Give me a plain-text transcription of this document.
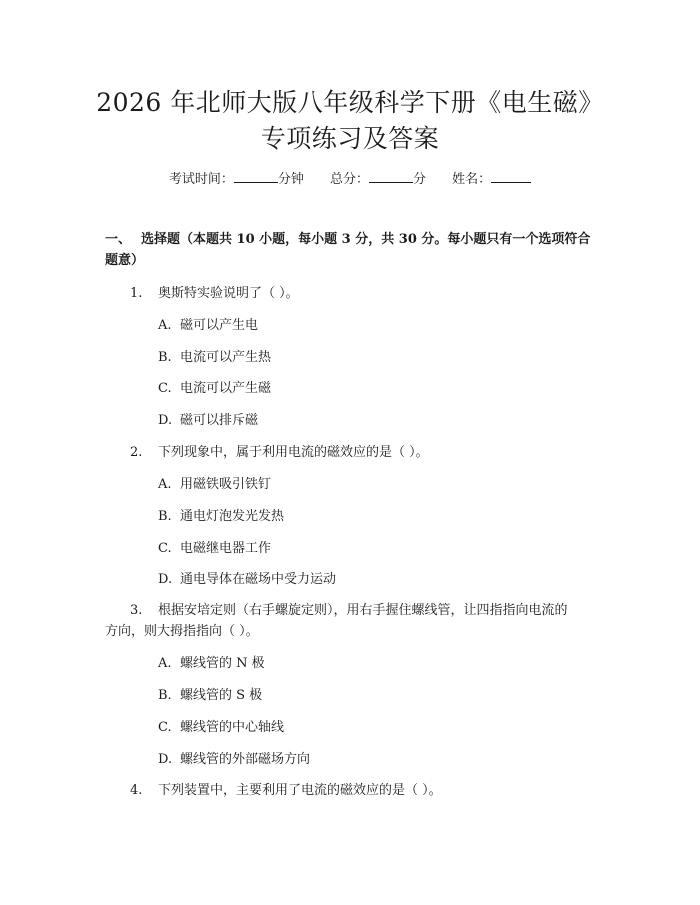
2026 年北师大版八年级科学下册《电生磁》
专项练习及答案
考试时间：	分钟 总分：	分 姓名：
一、 选择题（本题共 10 小题，每小题 3 分，共 30 分。每小题只有一个选项符合
题意）
1. 奥斯特实验说明了（ ）。
A. 磁可以产生电
B. 电流可以产生热
C. 电流可以产生磁
D. 磁可以排斥磁
2. 下列现象中，属于利用电流的磁效应的是（ ）。
A. 用磁铁吸引铁钉
B. 通电灯泡发光发热
C. 电磁继电器工作
D. 通电导体在磁场中受力运动
3. 根据安培定则（右手螺旋定则），用右手握住螺线管，让四指指向电流的
方向，则大拇指指向（ ）。
A. 螺线管的 N 极
B. 螺线管的 S 极
C. 螺线管的中心轴线
D. 螺线管的外部磁场方向
4. 下列装置中，主要利用了电流的磁效应的是（ ）。
